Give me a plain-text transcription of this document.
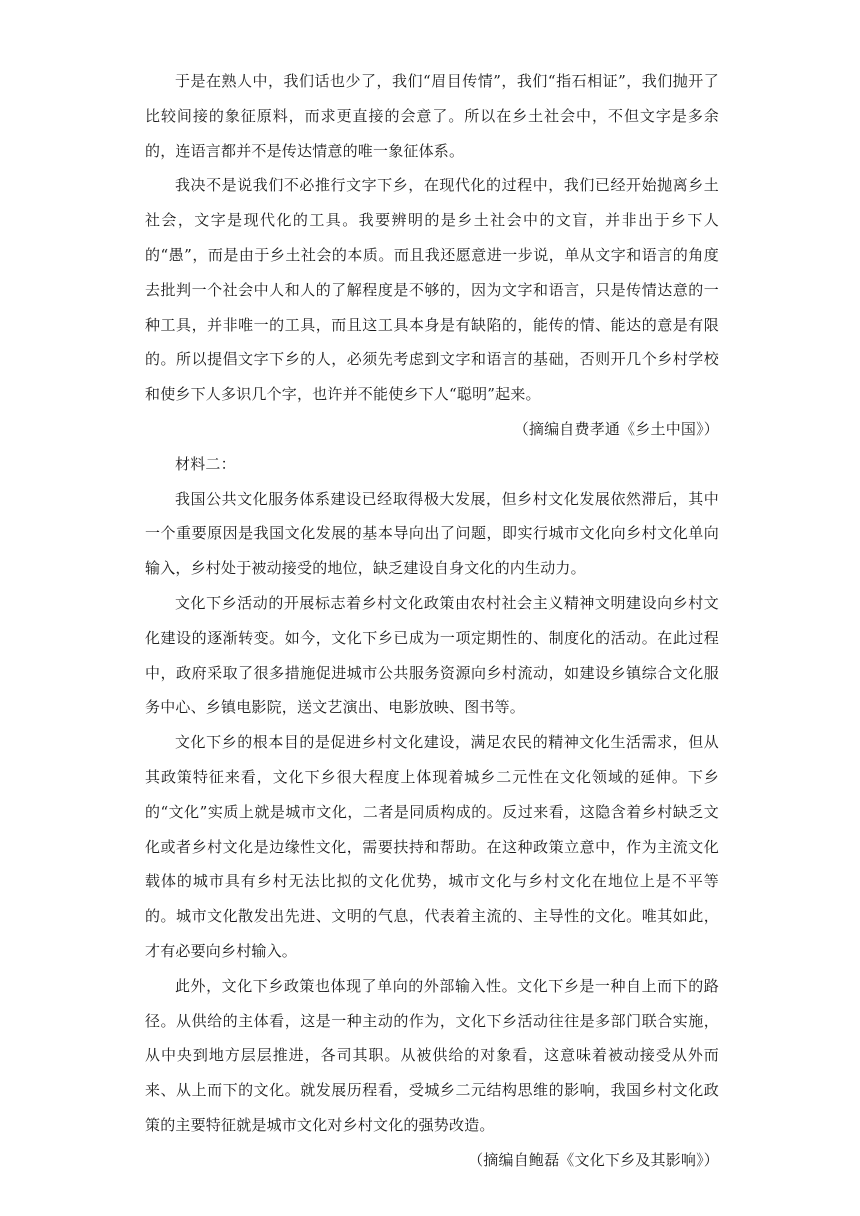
于是在熟人中，我们话也少了，我们“眉目传情”，我们“指石相证”，我们抛开了比较间接的象征原料，而求更直接的会意了。所以在乡土社会中，不但文字是多余的，连语言都并不是传达情意的唯一象征体系。

我决不是说我们不必推行文字下乡，在现代化的过程中，我们已经开始抛离乡土社会，文字是现代化的工具。我要辨明的是乡土社会中的文盲，并非出于乡下人的“愚”，而是由于乡土社会的本质。而且我还愿意进一步说，单从文字和语言的角度去批判一个社会中人和人的了解程度是不够的，因为文字和语言，只是传情达意的一种工具，并非唯一的工具，而且这工具本身是有缺陷的，能传的情、能达的意是有限的。所以提倡文字下乡的人，必须先考虑到文字和语言的基础，否则开几个乡村学校和使乡下人多识几个字，也许并不能使乡下人“聪明”起来。

（摘编自费孝通《乡土中国》）

材料二：

我国公共文化服务体系建设已经取得极大发展，但乡村文化发展依然滞后，其中一个重要原因是我国文化发展的基本导向出了问题，即实行城市文化向乡村文化单向输入，乡村处于被动接受的地位，缺乏建设自身文化的内生动力。

文化下乡活动的开展标志着乡村文化政策由农村社会主义精神文明建设向乡村文化建设的逐渐转变。如今，文化下乡已成为一项定期性的、制度化的活动。在此过程中，政府采取了很多措施促进城市公共服务资源向乡村流动，如建设乡镇综合文化服务中心、乡镇电影院，送文艺演出、电影放映、图书等。

文化下乡的根本目的是促进乡村文化建设，满足农民的精神文化生活需求，但从其政策特征来看，文化下乡很大程度上体现着城乡二元性在文化领域的延伸。下乡的“文化”实质上就是城市文化，二者是同质构成的。反过来看，这隐含着乡村缺乏文化或者乡村文化是边缘性文化，需要扶持和帮助。在这种政策立意中，作为主流文化载体的城市具有乡村无法比拟的文化优势，城市文化与乡村文化在地位上是不平等的。城市文化散发出先进、文明的气息，代表着主流的、主导性的文化。唯其如此，才有必要向乡村输入。

此外，文化下乡政策也体现了单向的外部输入性。文化下乡是一种自上而下的路径。从供给的主体看，这是一种主动的作为，文化下乡活动往往是多部门联合实施，从中央到地方层层推进，各司其职。从被供给的对象看，这意味着被动接受从外而来、从上而下的文化。就发展历程看，受城乡二元结构思维的影响，我国乡村文化政策的主要特征就是城市文化对乡村文化的强势改造。

（摘编自鲍磊《文化下乡及其影响》）
